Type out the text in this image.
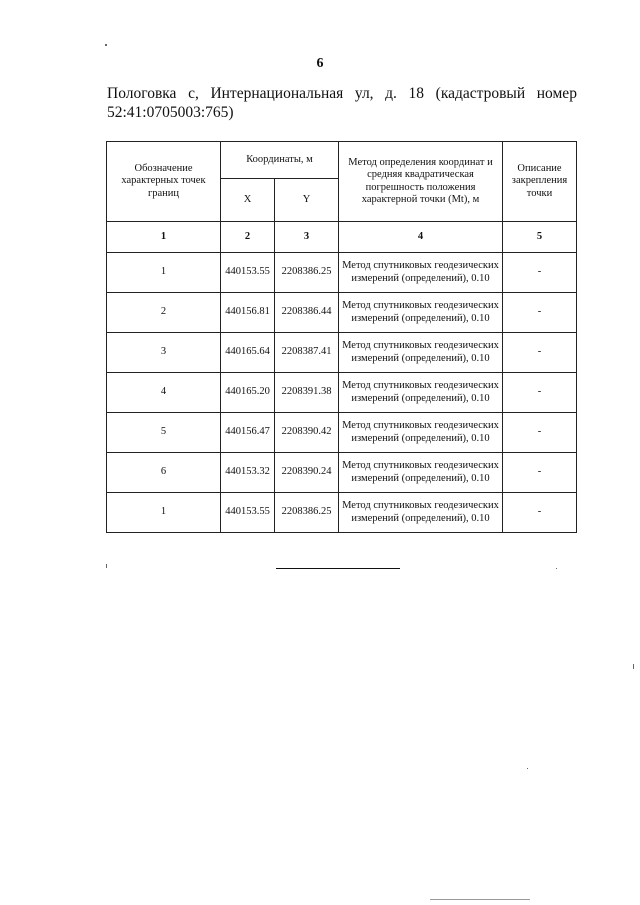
6
Пологовка с, Интернациональная ул, д. 18 (кадастровый номер
52:41:0705003:765)
Обозначение характерных точек границ	Координаты, м		Метод определения координат и средняя квадратическая погрешность положения характерной точки (Mt), м	Описание закрепления точки
	X	Y		
1	2	3	4	5
1	440153.55	2208386.25	Метод спутниковых геодезических измерений (определений), 0.10	-
2	440156.81	2208386.44	Метод спутниковых геодезических измерений (определений), 0.10	-
3	440165.64	2208387.41	Метод спутниковых геодезических измерений (определений), 0.10	-
4	440165.20	2208391.38	Метод спутниковых геодезических измерений (определений), 0.10	-
5	440156.47	2208390.42	Метод спутниковых геодезических измерений (определений), 0.10	-
6	440153.32	2208390.24	Метод спутниковых геодезических измерений (определений), 0.10	-
1	440153.55	2208386.25	Метод спутниковых геодезических измерений (определений), 0.10	-
